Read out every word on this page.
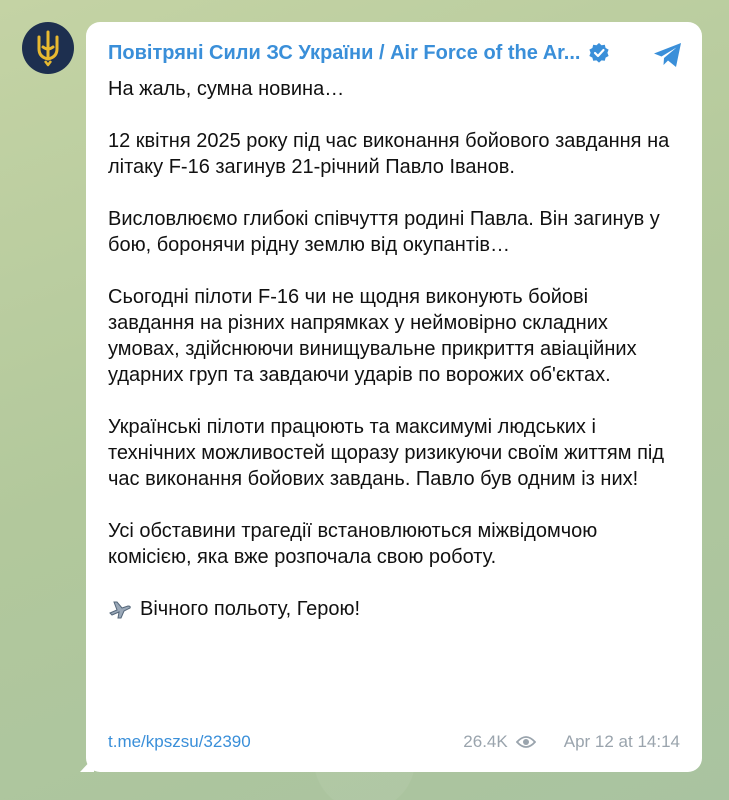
Повітряні Сили ЗС України / Air Force of the Ar...

На жаль, сумна новина…

12 квітня 2025 року під час виконання бойового завдання на літаку F-16 загинув 21-річний Павло Іванов.

Висловлюємо глибокі співчуття родині Павла. Він загинув у бою, боронячи рідну землю від окупантів…

Сьогодні пілоти F-16 чи не щодня виконують бойові завдання на різних напрямках у неймовірно складних умовах, здійснюючи винищувальне прикриття авіаційних ударних груп та завдаючи ударів по ворожих об'єктах.

Українські пілоти працюють та максимумі людських і технічних можливостей щоразу ризикуючи своїм життям під час виконання бойових завдань. Павло був одним із них!

Усі обставини трагедії встановлюються міжвідомчою комісією, яка вже розпочала свою роботу.

Вічного польоту, Герою!

t.me/kpszsu/32390	26.4K	Apr 12 at 14:14
